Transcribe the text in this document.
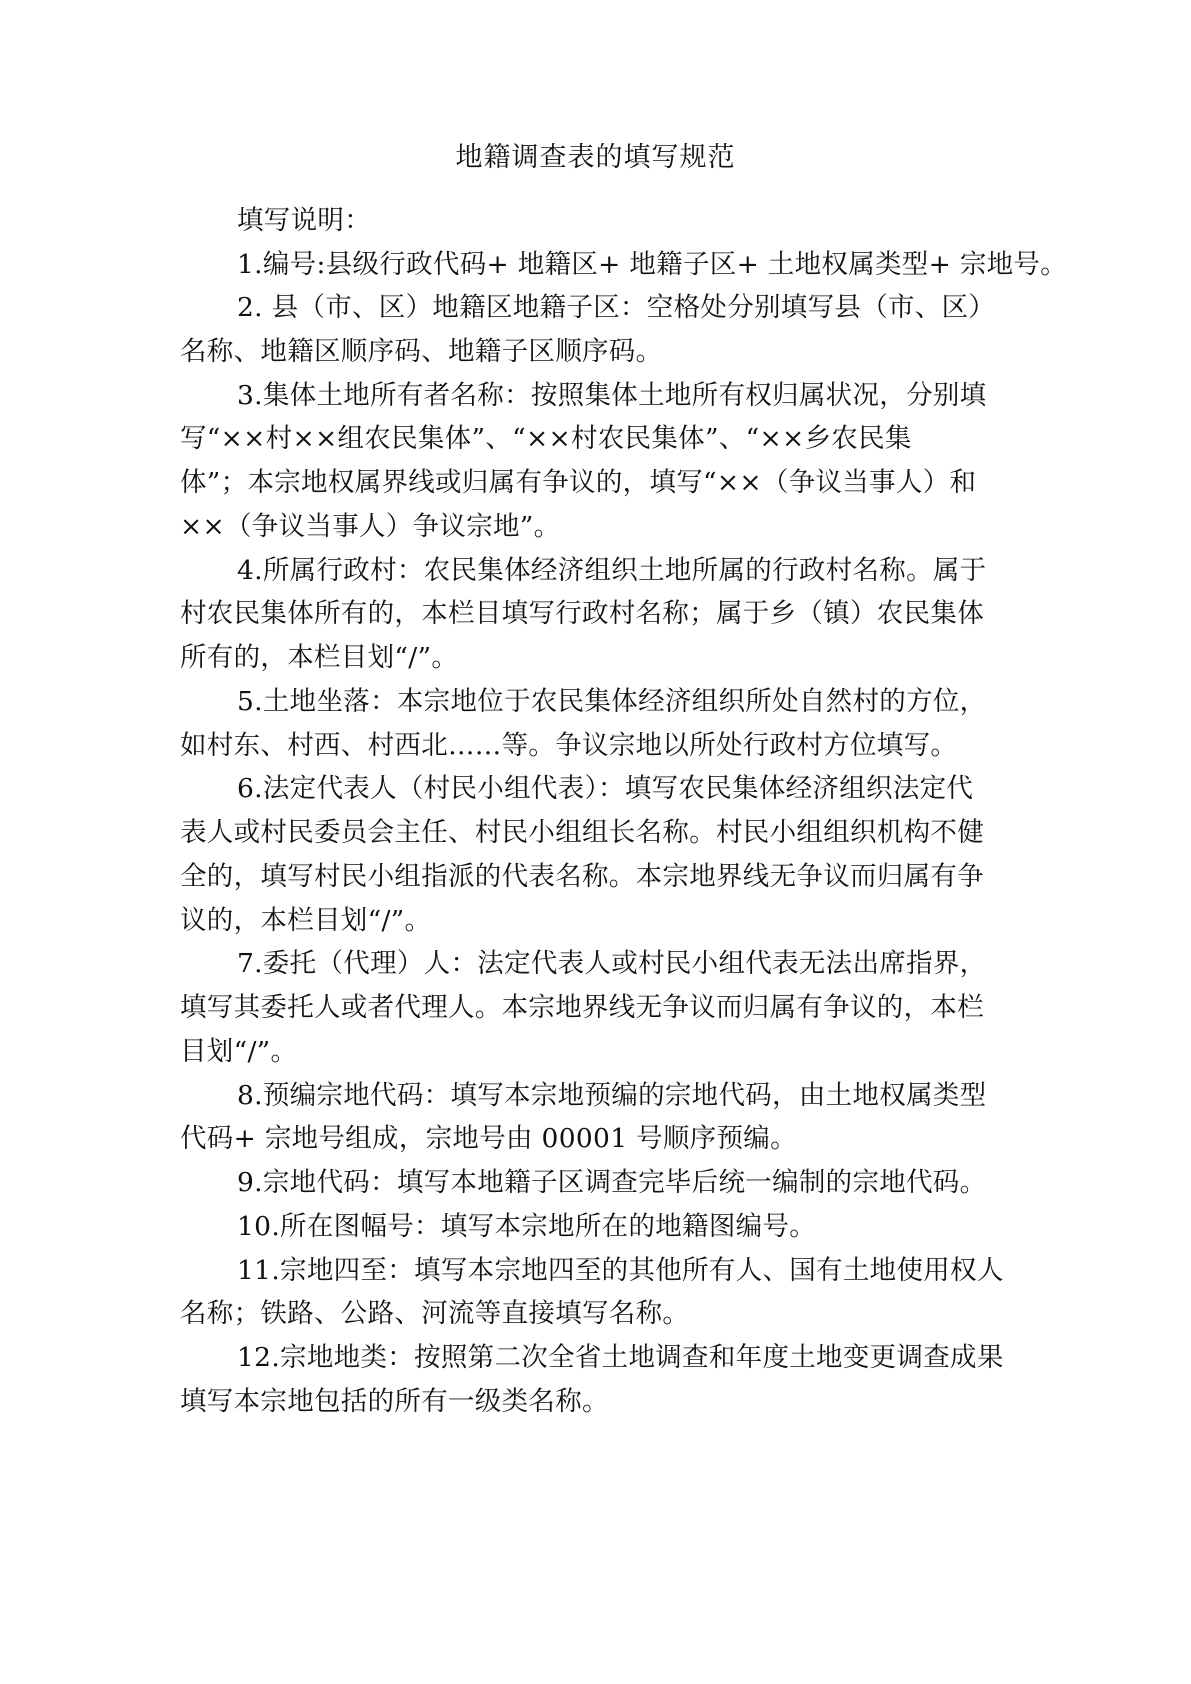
地籍调查表的填写规范
填写说明：
1.编号:县级行政代码+ 地籍区+ 地籍子区+ 土地权属类型+ 宗地号。
2. 县（市、区）地籍区地籍子区：空格处分别填写县（市、区）
名称、地籍区顺序码、地籍子区顺序码。
3.集体土地所有者名称：按照集体土地所有权归属状况，分别填
写“××村××组农民集体”、“××村农民集体”、“××乡农民集
体”；本宗地权属界线或归属有争议的，填写“××（争议当事人）和
××（争议当事人）争议宗地”。
4.所属行政村：农民集体经济组织土地所属的行政村名称。属于
村农民集体所有的，本栏目填写行政村名称；属于乡（镇）农民集体
所有的，本栏目划“/”。
5.土地坐落：本宗地位于农民集体经济组织所处自然村的方位，
如村东、村西、村西北……等。争议宗地以所处行政村方位填写。
6.法定代表人（村民小组代表）：填写农民集体经济组织法定代
表人或村民委员会主任、村民小组组长名称。村民小组组织机构不健
全的，填写村民小组指派的代表名称。本宗地界线无争议而归属有争
议的，本栏目划“/”。
7.委托（代理）人：法定代表人或村民小组代表无法出席指界，
填写其委托人或者代理人。本宗地界线无争议而归属有争议的，本栏
目划“/”。
8.预编宗地代码：填写本宗地预编的宗地代码，由土地权属类型
代码+ 宗地号组成，宗地号由 00001 号顺序预编。
9.宗地代码：填写本地籍子区调查完毕后统一编制的宗地代码。
10.所在图幅号：填写本宗地所在的地籍图编号。
11.宗地四至：填写本宗地四至的其他所有人、国有土地使用权人
名称；铁路、公路、河流等直接填写名称。
12.宗地地类：按照第二次全省土地调查和年度土地变更调查成果
填写本宗地包括的所有一级类名称。
